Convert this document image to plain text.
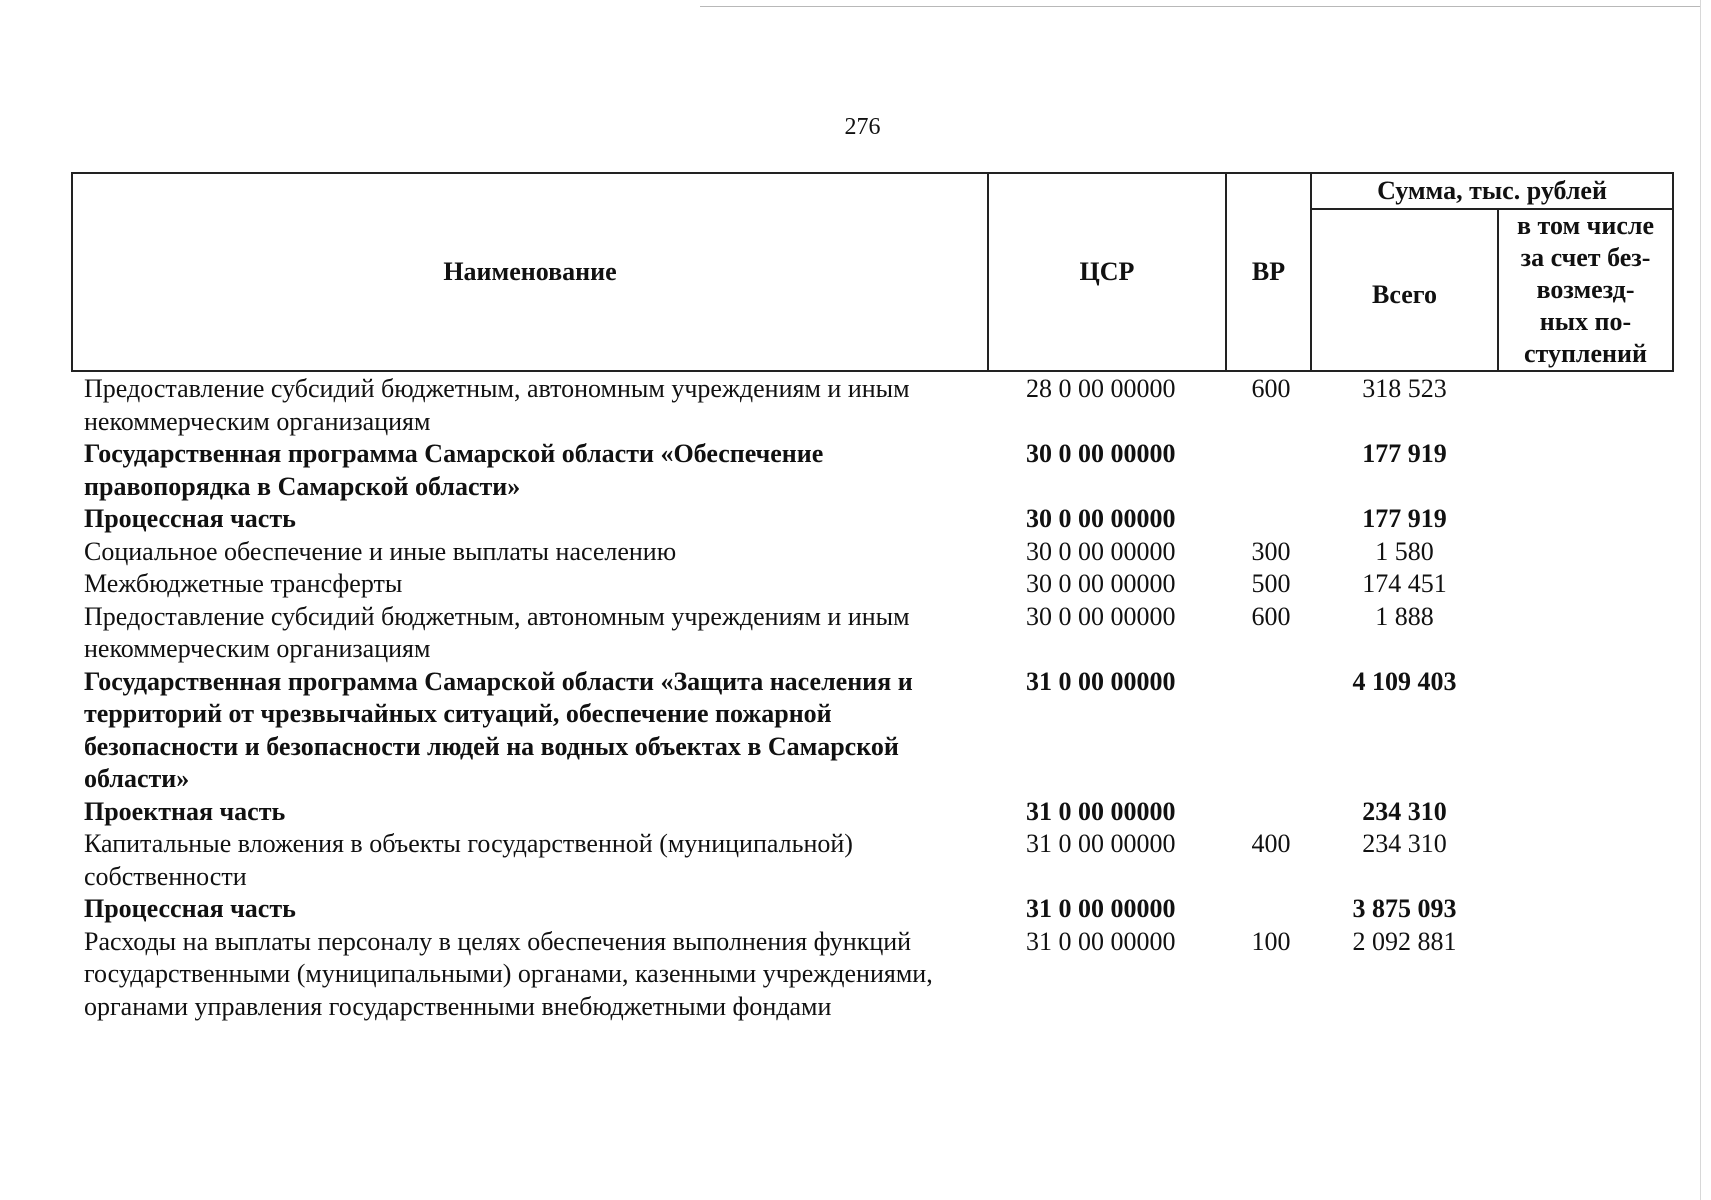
276
Наименование	ЦСР	ВР	Сумма, тыс. рублей	
			Всего	в том числе
за счет без-
возмезд-
ных по-
ступлений

Предоставление субсидий бюджетным, автономным учреждениям и иным некоммерческим организациям	28 0 00 00000	600	318 523	
Государственная программа Самарской области «Обеспечение правопорядка в Самарской области»	30 0 00 00000		177 919	
Процессная часть	30 0 00 00000		177 919	
Социальное обеспечение и иные выплаты населению	30 0 00 00000	300	1 580	
Межбюджетные трансферты	30 0 00 00000	500	174 451	
Предоставление субсидий бюджетным, автономным учреждениям и иным некоммерческим организациям	30 0 00 00000	600	1 888	
Государственная программа Самарской области «Защита населения и территорий от чрезвычайных ситуаций, обеспечение пожарной безопасности и безопасности людей на водных объектах в Самарской области»	31 0 00 00000		4 109 403	
Проектная часть	31 0 00 00000		234 310	
Капитальные вложения в объекты государственной (муниципальной) собственности	31 0 00 00000	400	234 310	
Процессная часть	31 0 00 00000		3 875 093	
Расходы на выплаты персоналу в целях обеспечения выполнения функций государственными (муниципальными) органами, казенными учреждениями, органами управления государственными внебюджетными фондами	31 0 00 00000	100	2 092 881	
